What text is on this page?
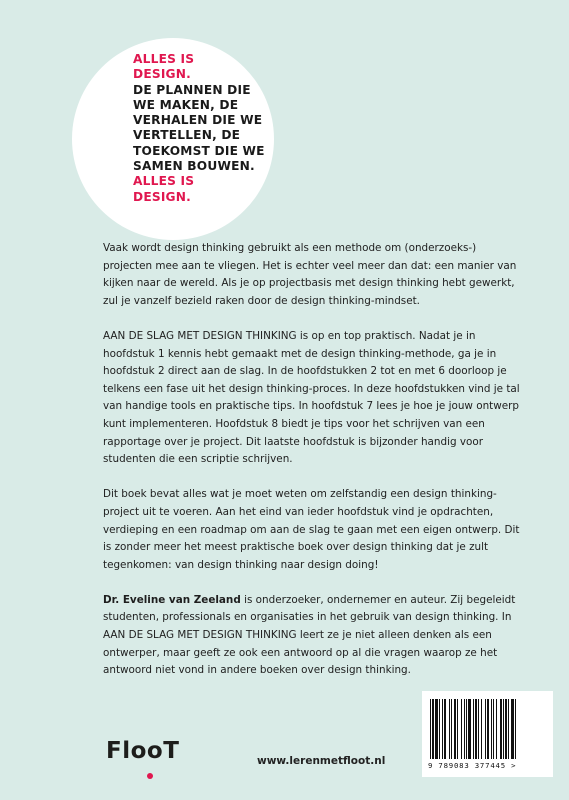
ALLES IS
DESIGN.
DE PLANNEN DIE
WE MAKEN, DE
VERHALEN DIE WE
VERTELLEN, DE
TOEKOMST DIE WE
SAMEN BOUWEN.
ALLES IS
DESIGN.

Vaak wordt design thinking gebruikt als een methode om (onderzoeks-) projecten mee aan te vliegen. Het is echter veel meer dan dat: een manier van kijken naar de wereld. Als je op projectbasis met design thinking hebt gewerkt, zul je vanzelf bezield raken door de design thinking-mindset.

AAN DE SLAG MET DESIGN THINKING is op en top praktisch. Nadat je in hoofdstuk 1 kennis hebt gemaakt met de design thinking-methode, ga je in hoofdstuk 2 direct aan de slag. In de hoofdstukken 2 tot en met 6 doorloop je telkens een fase uit het design thinking-proces. In deze hoofdstukken vind je tal van handige tools en praktische tips. In hoofdstuk 7 lees je hoe je jouw ontwerp kunt implementeren. Hoofdstuk 8 biedt je tips voor het schrijven van een rapportage over je project. Dit laatste hoofdstuk is bijzonder handig voor studenten die een scriptie schrijven.

Dit boek bevat alles wat je moet weten om zelfstandig een design thinking-project uit te voeren. Aan het eind van ieder hoofdstuk vind je opdrachten, verdieping en een roadmap om aan de slag te gaan met een eigen ontwerp. Dit is zonder meer het meest praktische boek over design thinking dat je zult tegenkomen: van design thinking naar design doing!

Dr. Eveline van Zeeland is onderzoeker, ondernemer en auteur. Zij begeleidt studenten, professionals en organisaties in het gebruik van design thinking. In AAN DE SLAG MET DESIGN THINKING leert ze je niet alleen denken als een ontwerper, maar geeft ze ook een antwoord op al die vragen waarop ze het antwoord niet vond in andere boeken over design thinking.

FlooT	www.lerenmetfloot.nl	9 789083 377445 >
